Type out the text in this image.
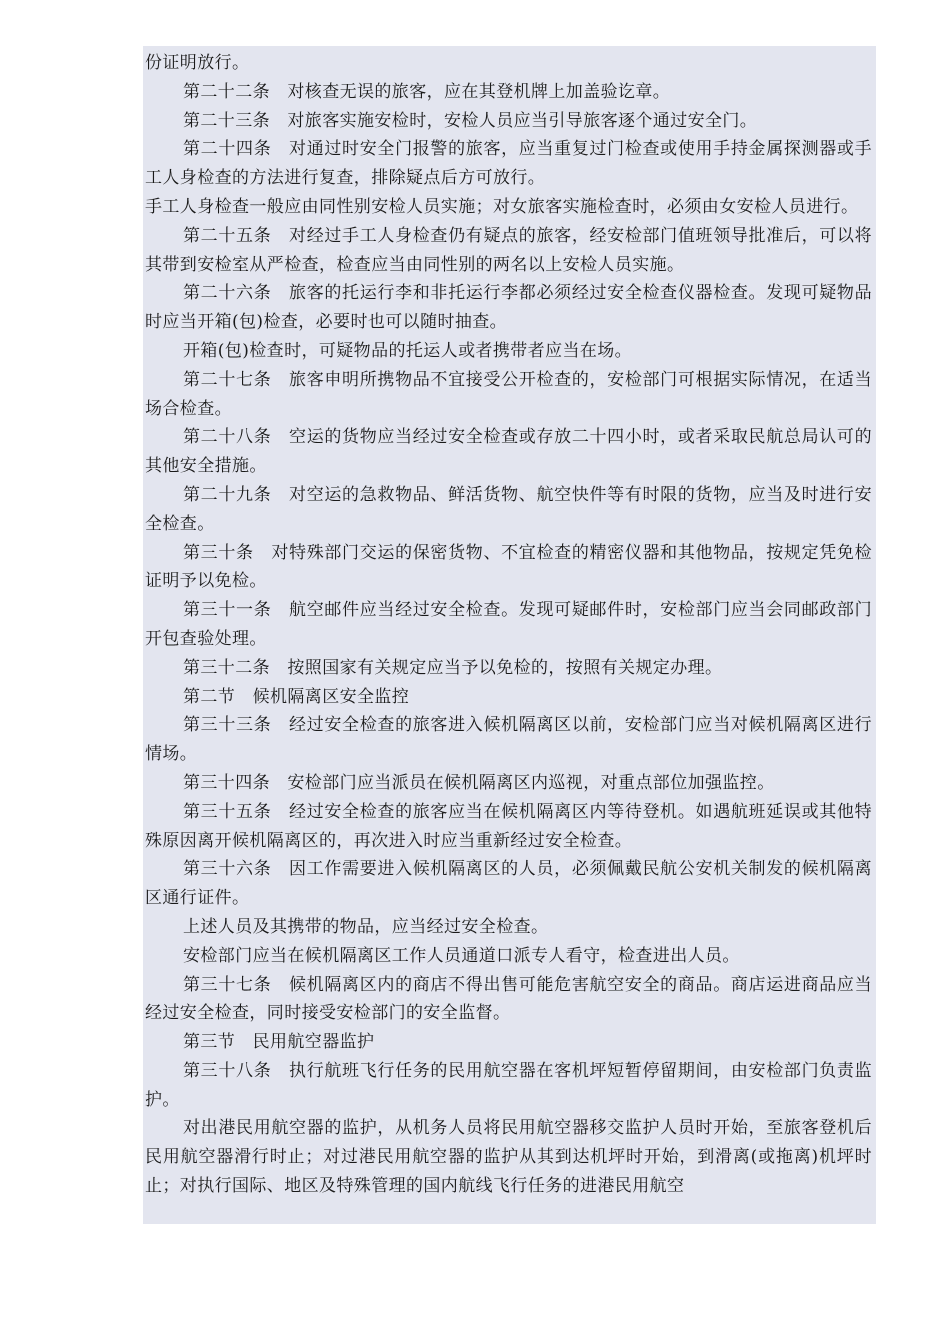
份证明放行。

第二十二条　对核查无误的旅客，应在其登机牌上加盖验讫章。

第二十三条　对旅客实施安检时，安检人员应当引导旅客逐个通过安全门。

第二十四条　对通过时安全门报警的旅客，应当重复过门检查或使用手持金属探测器或手工人身检查的方法进行复查，排除疑点后方可放行。

手工人身检查一般应由同性别安检人员实施；对女旅客实施检查时，必须由女安检人员进行。

第二十五条　对经过手工人身检查仍有疑点的旅客，经安检部门值班领导批准后，可以将其带到安检室从严检查，检查应当由同性别的两名以上安检人员实施。

第二十六条　旅客的托运行李和非托运行李都必须经过安全检查仪器检查。发现可疑物品时应当开箱(包)检查，必要时也可以随时抽查。

开箱(包)检查时，可疑物品的托运人或者携带者应当在场。

第二十七条　旅客申明所携物品不宜接受公开检查的，安检部门可根据实际情况，在适当场合检查。

第二十八条　空运的货物应当经过安全检查或存放二十四小时，或者采取民航总局认可的其他安全措施。

第二十九条　对空运的急救物品、鲜活货物、航空快件等有时限的货物，应当及时进行安全检查。

第三十条　对特殊部门交运的保密货物、不宜检查的精密仪器和其他物品，按规定凭免检证明予以免检。

第三十一条　航空邮件应当经过安全检查。发现可疑邮件时，安检部门应当会同邮政部门开包查验处理。

第三十二条　按照国家有关规定应当予以免检的，按照有关规定办理。

第二节　候机隔离区安全监控

第三十三条　经过安全检查的旅客进入候机隔离区以前，安检部门应当对候机隔离区进行情场。

第三十四条　安检部门应当派员在候机隔离区内巡视，对重点部位加强监控。

第三十五条　经过安全检查的旅客应当在候机隔离区内等待登机。如遇航班延误或其他特殊原因离开候机隔离区的，再次进入时应当重新经过安全检查。

第三十六条　因工作需要进入候机隔离区的人员，必须佩戴民航公安机关制发的候机隔离区通行证件。

上述人员及其携带的物品，应当经过安全检查。

安检部门应当在候机隔离区工作人员通道口派专人看守，检查进出人员。

第三十七条　候机隔离区内的商店不得出售可能危害航空安全的商品。商店运进商品应当经过安全检查，同时接受安检部门的安全监督。

第三节　民用航空器监护

第三十八条　执行航班飞行任务的民用航空器在客机坪短暂停留期间，由安检部门负责监护。

对出港民用航空器的监护，从机务人员将民用航空器移交监护人员时开始，至旅客登机后民用航空器滑行时止；对过港民用航空器的监护从其到达机坪时开始，到滑离(或拖离)机坪时止；对执行国际、地区及特殊管理的国内航线飞行任务的进港民用航空
